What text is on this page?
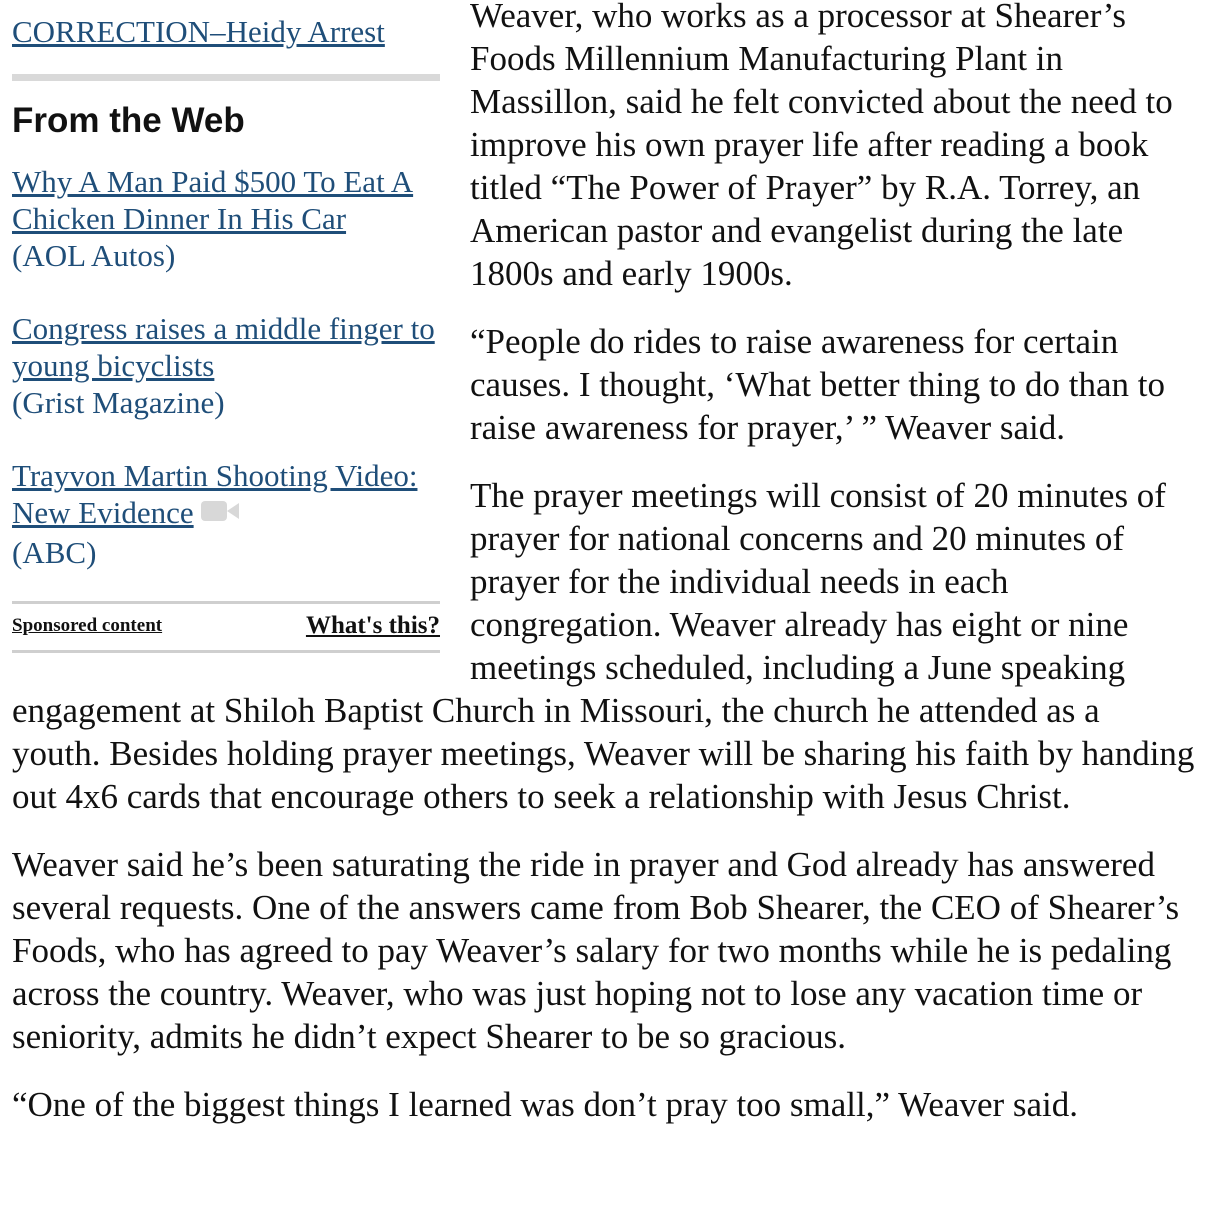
CORRECTION–Heidy Arrest
From the Web
Why A Man Paid $500 To Eat A Chicken Dinner In His Car
(AOL Autos)
Congress raises a middle finger to young bicyclists
(Grist Magazine)
Trayvon Martin Shooting Video: New Evidence
(ABC)
Sponsored content	What's this?

Weaver, who works as a processor at Shearer’s Foods Millennium Manufacturing Plant in Massillon, said he felt convicted about the need to improve his own prayer life after reading a book titled “The Power of Prayer” by R.A. Torrey, an American pastor and evangelist during the late 1800s and early 1900s.

“People do rides to raise awareness for certain causes. I thought, ‘What better thing to do than to raise awareness for prayer,’ ” Weaver said.

The prayer meetings will consist of 20 minutes of prayer for national concerns and 20 minutes of prayer for the individual needs in each congregation. Weaver already has eight or nine meetings scheduled, including a June speaking engagement at Shiloh Baptist Church in Missouri, the church he attended as a youth. Besides holding prayer meetings, Weaver will be sharing his faith by handing out 4x6 cards that encourage others to seek a relationship with Jesus Christ.

Weaver said he’s been saturating the ride in prayer and God already has answered several requests. One of the answers came from Bob Shearer, the CEO of Shearer’s Foods, who has agreed to pay Weaver’s salary for two months while he is pedaling across the country. Weaver, who was just hoping not to lose any vacation time or seniority, admits he didn’t expect Shearer to be so gracious.

“One of the biggest things I learned was don’t pray too small,” Weaver said.
